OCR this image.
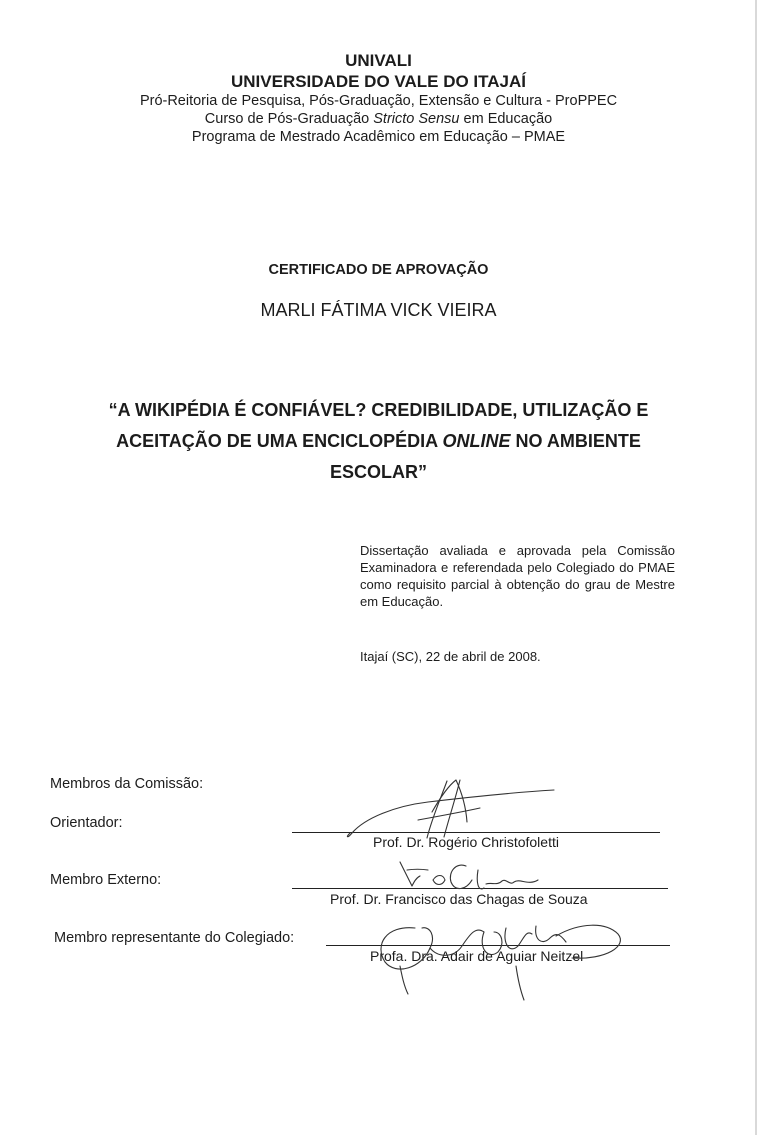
UNIVALI
UNIVERSIDADE DO VALE DO ITAJAÍ
Pró-Reitoria de Pesquisa, Pós-Graduação, Extensão e Cultura - ProPPEC
Curso de Pós-Graduação Stricto Sensu em Educação
Programa de Mestrado Acadêmico em Educação – PMAE
CERTIFICADO DE APROVAÇÃO
MARLI FÁTIMA VICK VIEIRA
“A WIKIPÉDIA É CONFIÁVEL? CREDIBILIDADE, UTILIZAÇÃO E
ACEITAÇÃO DE UMA ENCICLOPÉDIA ONLINE NO AMBIENTE
ESCOLAR”
Dissertação avaliada e aprovada pela Comissão Examinadora e referendada pelo Colegiado do PMAE como requisito parcial à obtenção do grau de Mestre em Educação.
Itajaí (SC), 22 de abril de 2008.
Membros da Comissão:
Orientador:
Prof. Dr. Rogério Christofoletti
Membro Externo:
Prof. Dr. Francisco das Chagas de Souza
Membro representante do Colegiado:
Profa. Dra. Adair de Aguiar Neitzel
